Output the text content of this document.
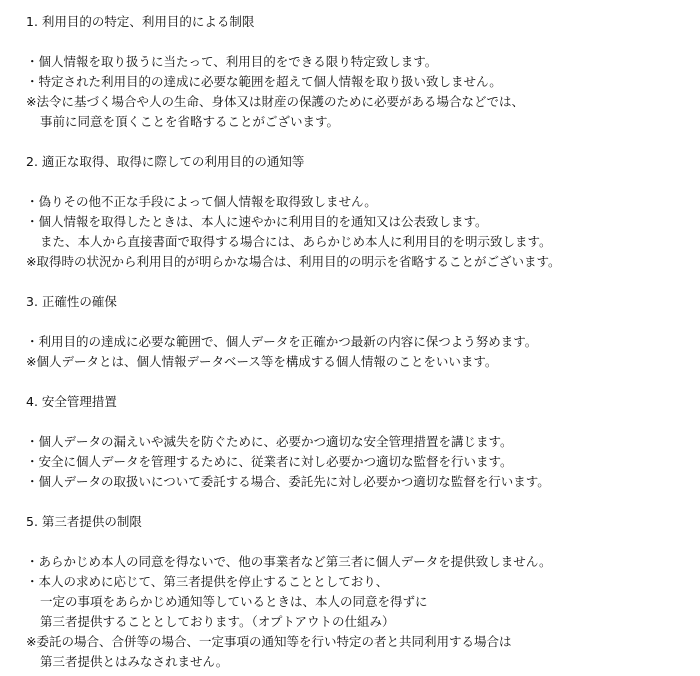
1. 利用目的の特定、利用目的による制限
・個人情報を取り扱うに当たって、利用目的をできる限り特定致します。
・特定された利用目的の達成に必要な範囲を超えて個人情報を取り扱い致しません。
※法令に基づく場合や人の生命、身体又は財産の保護のために必要がある場合などでは、
事前に同意を頂くことを省略することがございます。
2. 適正な取得、取得に際しての利用目的の通知等
・偽りその他不正な手段によって個人情報を取得致しません。
・個人情報を取得したときは、本人に速やかに利用目的を通知又は公表致します。
また、本人から直接書面で取得する場合には、あらかじめ本人に利用目的を明示致します。
※取得時の状況から利用目的が明らかな場合は、利用目的の明示を省略することがございます。
3. 正確性の確保
・利用目的の達成に必要な範囲で、個人データを正確かつ最新の内容に保つよう努めます。
※個人データとは、個人情報データベース等を構成する個人情報のことをいいます。
4. 安全管理措置
・個人データの漏えいや滅失を防ぐために、必要かつ適切な安全管理措置を講じます。
・安全に個人データを管理するために、従業者に対し必要かつ適切な監督を行います。
・個人データの取扱いについて委託する場合、委託先に対し必要かつ適切な監督を行います。
5. 第三者提供の制限
・あらかじめ本人の同意を得ないで、他の事業者など第三者に個人データを提供致しません。
・本人の求めに応じて、第三者提供を停止することとしており、
一定の事項をあらかじめ通知等しているときは、本人の同意を得ずに
第三者提供することとしております。（オプトアウトの仕組み）
※委託の場合、合併等の場合、一定事項の通知等を行い特定の者と共同利用する場合は
第三者提供とはみなされません。
